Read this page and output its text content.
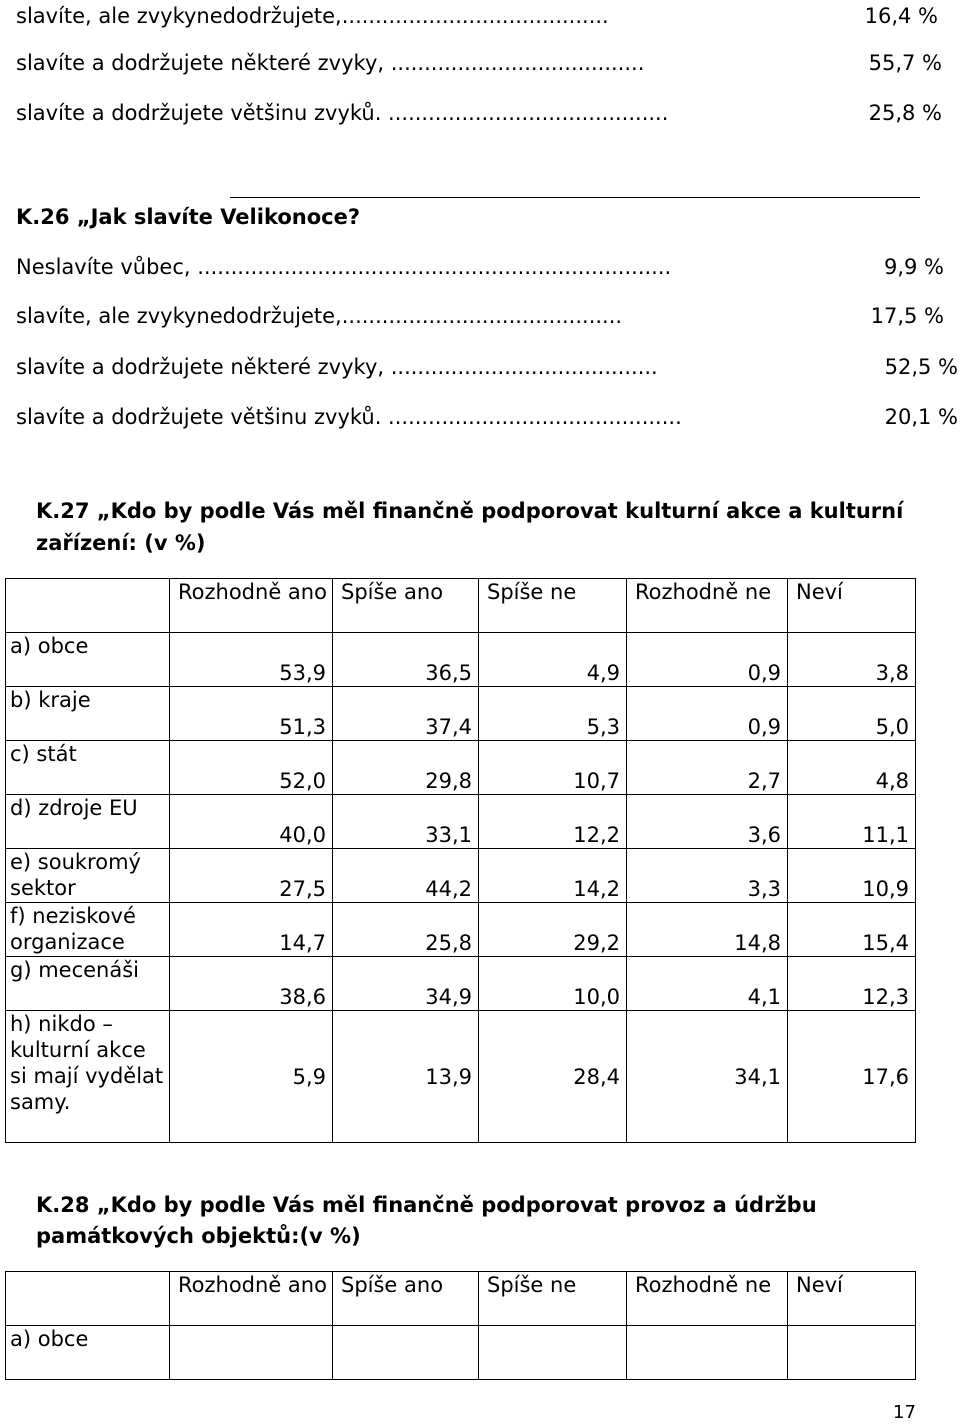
slavíte, ale zvykynedodržujete,........................................	16,4 %
slavíte a dodržujete některé zvyky, ......................................	55,7 %
slavíte a dodržujete většinu zvyků. ..........................................	25,8 %
K.26 „Jak slavíte Velikonoce?
Neslavíte vůbec, .......................................................................	9,9 %
slavíte, ale zvykynedodržujete,..........................................	17,5 %
slavíte a dodržujete některé zvyky, ........................................	52,5 %
slavíte a dodržujete většinu zvyků. ............................................	20,1 %
K.27 „Kdo by podle Vás měl finančně podporovat kulturní akce a kulturní
zařízení: (v %)
	Rozhodně ano	Spíše ano	Spíše ne	Rozhodně ne	Neví
a) obce	53,9	36,5	4,9	0,9	3,8
b) kraje	51,3	37,4	5,3	0,9	5,0
c) stát	52,0	29,8	10,7	2,7	4,8
d) zdroje EU	40,0	33,1	12,2	3,6	11,1
e) soukromý sektor	27,5	44,2	14,2	3,3	10,9
f) neziskové organizace	14,7	25,8	29,2	14,8	15,4
g) mecenáši	38,6	34,9	10,0	4,1	12,3
h) nikdo – kulturní akce si mají vydělat samy.	5,9	13,9	28,4	34,1	17,6
K.28 „Kdo by podle Vás měl finančně podporovat provoz a údržbu
památkových objektů:(v %)
	Rozhodně ano	Spíše ano	Spíše ne	Rozhodně ne	Neví
a) obce					
17
